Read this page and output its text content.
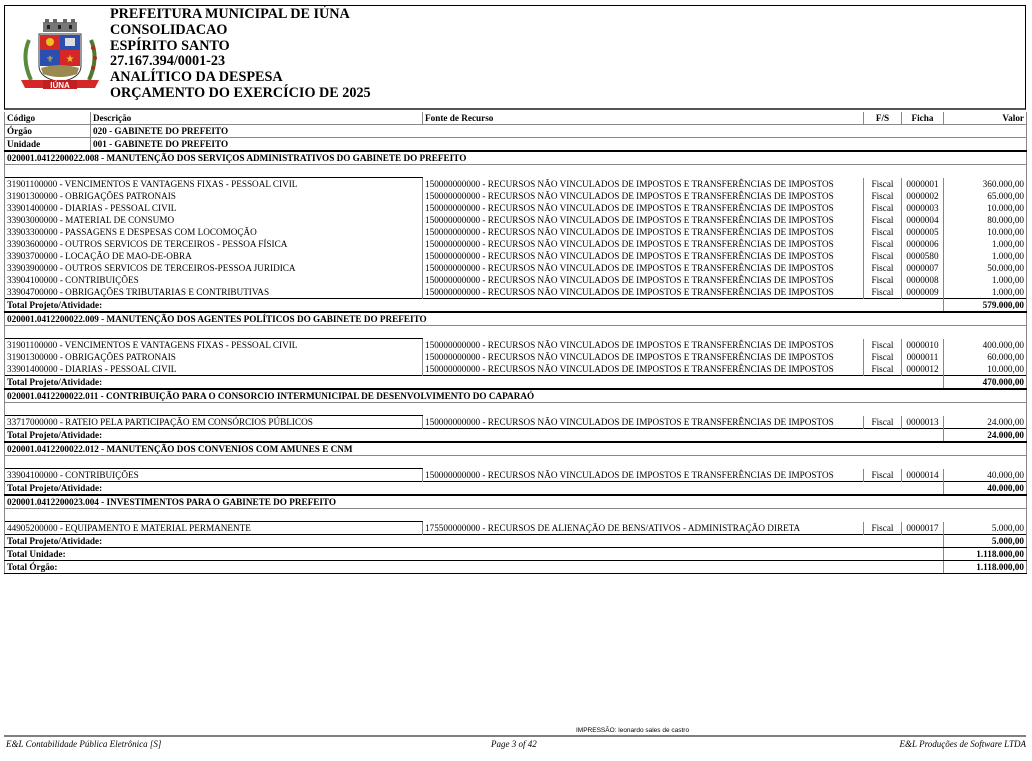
⚜ ★
IÚNA
PREFEITURA MUNICIPAL DE IÚNA
CONSOLIDACAO
ESPÍRITO SANTO
27.167.394/0001-23
ANALÍTICO DA DESPESA
ORÇAMENTO DO EXERCÍCIO DE 2025
Código	Descrição	Fonte de Recurso	F/S	Ficha	Valor
Órgão	020 - GABINETE DO PREFEITO				
Unidade	001 - GABINETE DO PREFEITO				
020001.0412200022.008 - MANUTENÇÃO DOS SERVIÇOS ADMINISTRATIVOS DO GABINETE DO PREFEITO					

31901100000 - VENCIMENTOS E VANTAGENS FIXAS - PESSOAL CIVIL		150000000000 - RECURSOS NÃO VINCULADOS DE IMPOSTOS E TRANSFERÊNCIAS DE IMPOSTOS	Fiscal	0000001	360.000,00
31901300000 - OBRIGAÇÕES PATRONAIS		150000000000 - RECURSOS NÃO VINCULADOS DE IMPOSTOS E TRANSFERÊNCIAS DE IMPOSTOS	Fiscal	0000002	65.000,00
33901400000 - DIARIAS - PESSOAL CIVIL		150000000000 - RECURSOS NÃO VINCULADOS DE IMPOSTOS E TRANSFERÊNCIAS DE IMPOSTOS	Fiscal	0000003	10.000,00
33903000000 - MATERIAL DE CONSUMO		150000000000 - RECURSOS NÃO VINCULADOS DE IMPOSTOS E TRANSFERÊNCIAS DE IMPOSTOS	Fiscal	0000004	80.000,00
33903300000 - PASSAGENS E DESPESAS COM LOCOMOÇÃO		150000000000 - RECURSOS NÃO VINCULADOS DE IMPOSTOS E TRANSFERÊNCIAS DE IMPOSTOS	Fiscal	0000005	10.000,00
33903600000 - OUTROS SERVICOS DE TERCEIROS - PESSOA FÍSICA		150000000000 - RECURSOS NÃO VINCULADOS DE IMPOSTOS E TRANSFERÊNCIAS DE IMPOSTOS	Fiscal	0000006	1.000,00
33903700000 - LOCAÇÃO DE MAO-DE-OBRA		150000000000 - RECURSOS NÃO VINCULADOS DE IMPOSTOS E TRANSFERÊNCIAS DE IMPOSTOS	Fiscal	0000580	1.000,00
33903900000 - OUTROS SERVICOS DE TERCEIROS-PESSOA JURIDICA		150000000000 - RECURSOS NÃO VINCULADOS DE IMPOSTOS E TRANSFERÊNCIAS DE IMPOSTOS	Fiscal	0000007	50.000,00
33904100000 - CONTRIBUIÇÕES		150000000000 - RECURSOS NÃO VINCULADOS DE IMPOSTOS E TRANSFERÊNCIAS DE IMPOSTOS	Fiscal	0000008	1.000,00
33904700000 - OBRIGAÇÕES TRIBUTARIAS E CONTRIBUTIVAS		150000000000 - RECURSOS NÃO VINCULADOS DE IMPOSTOS E TRANSFERÊNCIAS DE IMPOSTOS	Fiscal	0000009	1.000,00
Total Projeto/Atividade:					579.000,00
020001.0412200022.009 - MANUTENÇÃO DOS AGENTES POLÍTICOS DO GABINETE DO PREFEITO					

31901100000 - VENCIMENTOS E VANTAGENS FIXAS - PESSOAL CIVIL		150000000000 - RECURSOS NÃO VINCULADOS DE IMPOSTOS E TRANSFERÊNCIAS DE IMPOSTOS	Fiscal	0000010	400.000,00
31901300000 - OBRIGAÇÕES PATRONAIS		150000000000 - RECURSOS NÃO VINCULADOS DE IMPOSTOS E TRANSFERÊNCIAS DE IMPOSTOS	Fiscal	0000011	60.000,00
33901400000 - DIARIAS - PESSOAL CIVIL		150000000000 - RECURSOS NÃO VINCULADOS DE IMPOSTOS E TRANSFERÊNCIAS DE IMPOSTOS	Fiscal	0000012	10.000,00
Total Projeto/Atividade:					470.000,00
020001.0412200022.011 - CONTRIBUIÇÃO PARA O CONSORCIO INTERMUNICIPAL DE DESENVOLVIMENTO DO CAPARAÓ					

33717000000 - RATEIO PELA PARTICIPAÇÃO EM CONSÓRCIOS PÚBLICOS		150000000000 - RECURSOS NÃO VINCULADOS DE IMPOSTOS E TRANSFERÊNCIAS DE IMPOSTOS	Fiscal	0000013	24.000,00
Total Projeto/Atividade:					24.000,00
020001.0412200022.012 - MANUTENÇÃO DOS CONVENIOS COM AMUNES E CNM					

33904100000 - CONTRIBUIÇÕES		150000000000 - RECURSOS NÃO VINCULADOS DE IMPOSTOS E TRANSFERÊNCIAS DE IMPOSTOS	Fiscal	0000014	40.000,00
Total Projeto/Atividade:					40.000,00
020001.0412200023.004 - INVESTIMENTOS PARA O GABINETE DO PREFEITO					

44905200000 - EQUIPAMENTO E MATERIAL PERMANENTE		175500000000 - RECURSOS DE ALIENAÇÃO DE BENS/ATIVOS - ADMINISTRAÇÃO DIRETA	Fiscal	0000017	5.000,00
Total Projeto/Atividade:					5.000,00
Total Unidade:					1.118.000,00
Total Órgão:					1.118.000,00
IMPRESSÃO: leonardo sales de castro
E&L Contabilidade Pública Eletrônica [S]	Page 3 of 42	E&L Produções de Software LTDA
